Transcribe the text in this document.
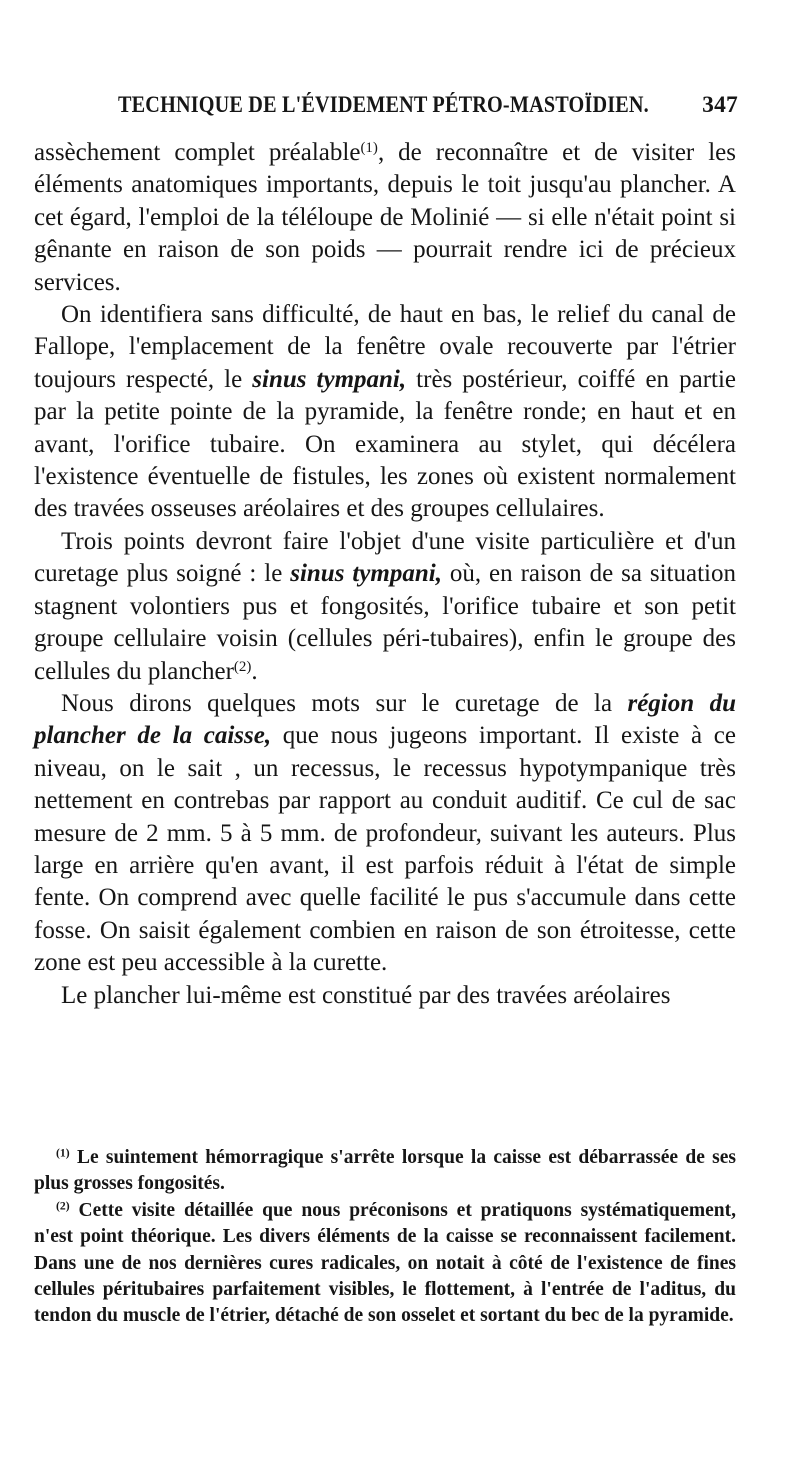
TECHNIQUE DE L'ÉVIDEMENT PÉTRO-MASTOÏDIEN. 347

assèchement complet préalable$^{(1)}$, de reconnaître et de visiter les éléments anatomiques importants, depuis le toit jusqu'au plancher. A cet égard, l'emploi de la téléloupe de Molinié — si elle n'était point si gênante en raison de son poids — pourrait rendre ici de précieux services.

On identifiera sans difficulté, de haut en bas, le relief du canal de Fallope, l'emplacement de la fenêtre ovale recouverte par l'étrier toujours respecté, le sinus tympani, très postérieur, coiffé en partie par la petite pointe de la pyramide, la fenêtre ronde; en haut et en avant, l'orifice tubaire. On examinera au stylet, qui décélera l'existence éventuelle de fistules, les zones où existent normalement des travées osseuses aréolaires et des groupes cellulaires.

Trois points devront faire l'objet d'une visite particulière et d'un curetage plus soigné : le sinus tympani, où, en raison de sa situation stagnent volontiers pus et fongosités, l'orifice tubaire et son petit groupe cellulaire voisin (cellules péri-tubaires), enfin le groupe des cellules du plancher$^{(2)}$.

Nous dirons quelques mots sur le curetage de la région du plancher de la caisse, que nous jugeons important. Il existe à ce niveau, on le sait , un recessus, le recessus hypotympanique très nettement en contrebas par rapport au conduit auditif. Ce cul de sac mesure de 2 mm. 5 à 5 mm. de profondeur, suivant les auteurs. Plus large en arrière qu'en avant, il est parfois réduit à l'état de simple fente. On comprend avec quelle facilité le pus s'accumule dans cette fosse. On saisit également combien en raison de son étroitesse, cette zone est peu accessible à la curette.

Le plancher lui-même est constitué par des travées aréolaires

$^{(1)}$ Le suintement hémorragique s'arrête lorsque la caisse est débarrassée de ses plus grosses fongosités.

$^{(2)}$ Cette visite détaillée que nous préconisons et pratiquons systématiquement, n'est point théorique. Les divers éléments de la caisse se reconnaissent facilement. Dans une de nos dernières cures radicales, on notait à côté de l'existence de fines cellules péritubaires parfaitement visibles, le flottement, à l'entrée de l'aditus, du tendon du muscle de l'étrier, détaché de son osselet et sortant du bec de la pyramide.
